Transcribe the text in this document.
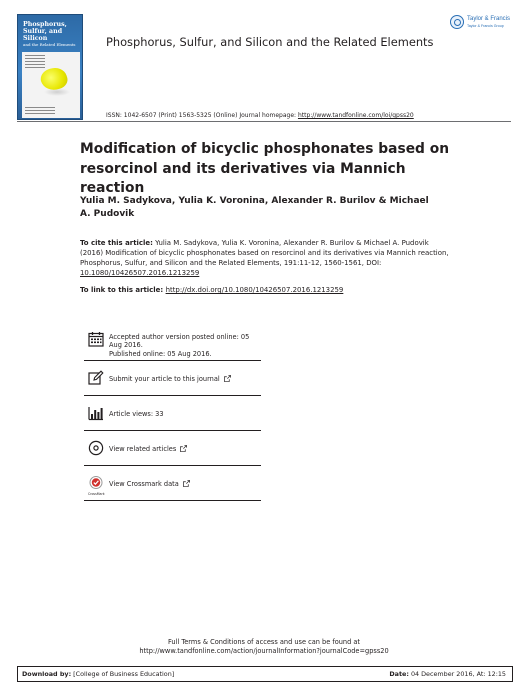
Phosphorus,
Sulfur, and
Silicon
and the Related Elements
Taylor & Francis
Taylor & Francis Group
Phosphorus, Sulfur, and Silicon and the Related Elements
ISSN: 1042-6507 (Print) 1563-5325 (Online) Journal homepage: http://www.tandfonline.com/loi/gpss20
Modification of bicyclic phosphonates based on resorcinol and its derivatives via Mannich reaction
Yulia M. Sadykova, Yulia K. Voronina, Alexander R. Burilov & Michael A. Pudovik
To cite this article: Yulia M. Sadykova, Yulia K. Voronina, Alexander R. Burilov & Michael A. Pudovik (2016) Modification of bicyclic phosphonates based on resorcinol and its derivatives via Mannich reaction, Phosphorus, Sulfur, and Silicon and the Related Elements, 191:11-12, 1560-1561, DOI: 10.1080/10426507.2016.1213259
To link to this article: http://dx.doi.org/10.1080/10426507.2016.1213259
Accepted author version posted online: 05 Aug 2016.
Published online: 05 Aug 2016.
Submit your article to this journal
Article views: 33
View related articles
CrossMark
View Crossmark data
Full Terms & Conditions of access and use can be found at
http://www.tandfonline.com/action/journalInformation?journalCode=gpss20
Download by: [College of Business Education]	Date: 04 December 2016, At: 12:15
